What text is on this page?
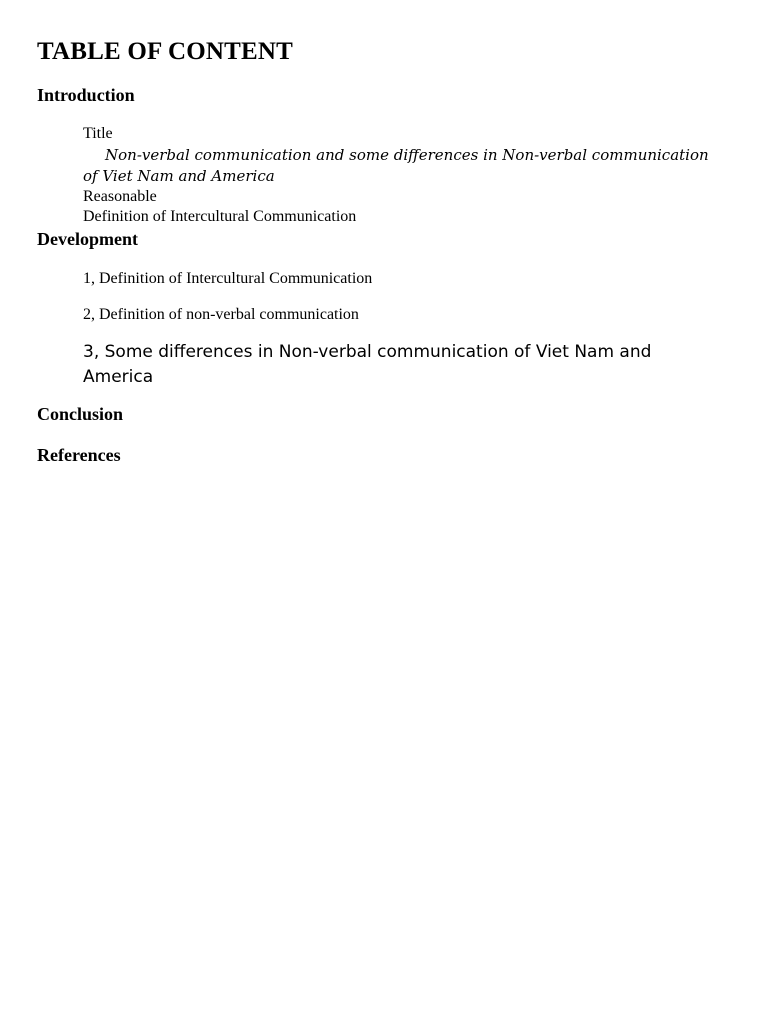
TABLE OF CONTENT
Introduction
Title
Non-verbal communication and some differences in Non-verbal communication of Viet Nam and America
Reasonable
Definition of Intercultural Communication
Development
1, Definition of Intercultural Communication
2, Definition of non-verbal communication
3, Some differences in Non-verbal communication of Viet Nam and America
Conclusion
References
